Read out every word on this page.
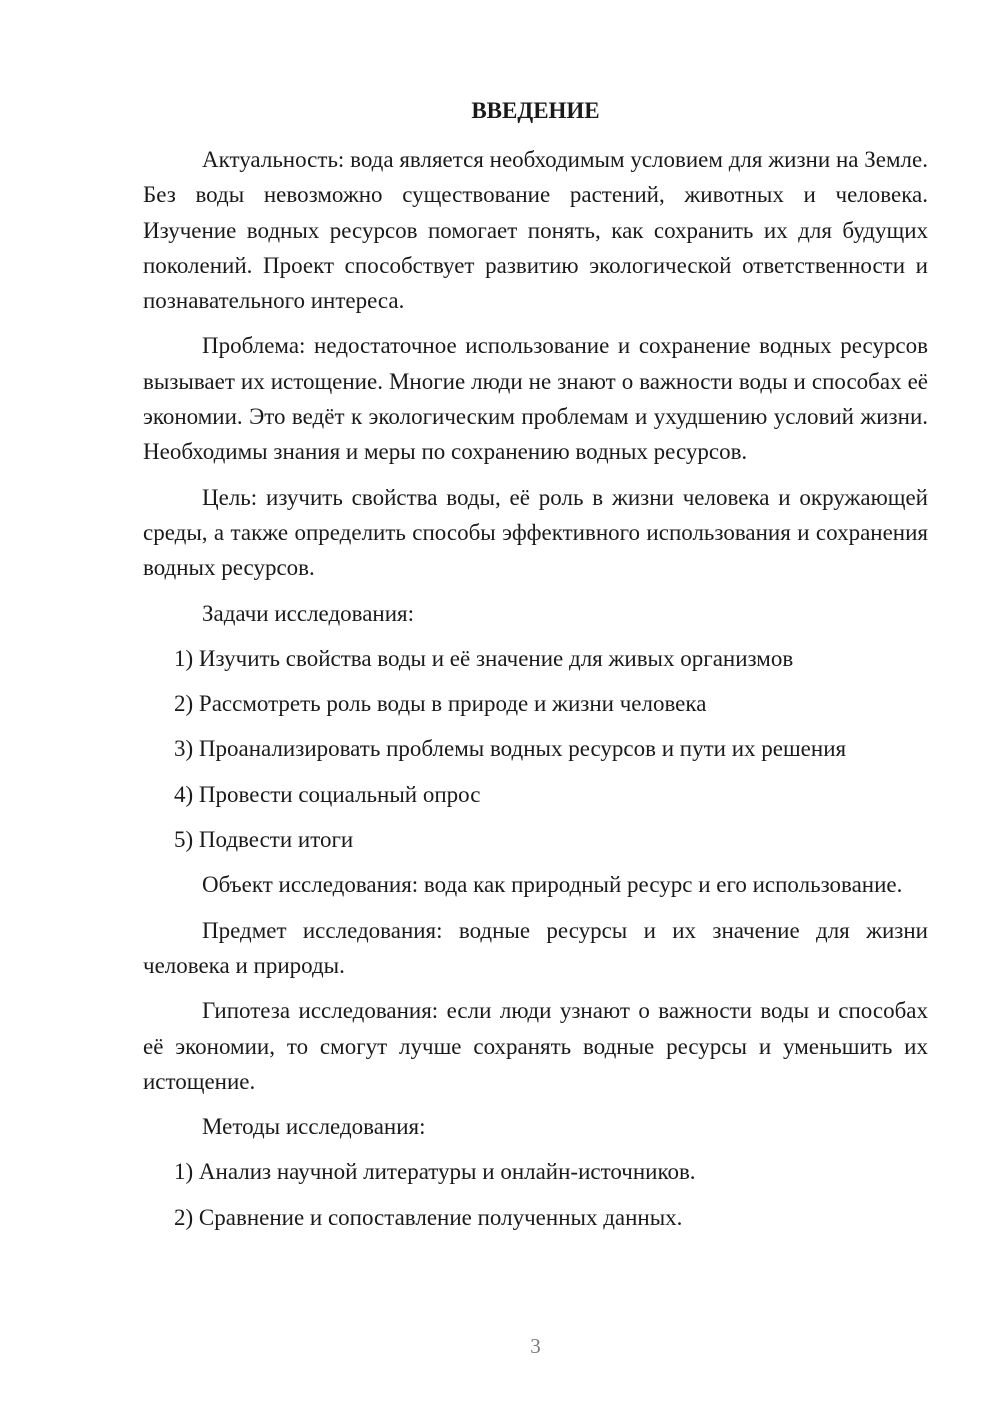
ВВЕДЕНИЕ

Актуальность: вода является необходимым условием для жизни на Земле. Без воды невозможно существование растений, животных и человека. Изучение водных ресурсов помогает понять, как сохранить их для будущих поколений. Проект способствует развитию экологической ответственности и познавательного интереса.

Проблема: недостаточное использование и сохранение водных ресурсов вызывает их истощение. Многие люди не знают о важности воды и способах её экономии. Это ведёт к экологическим проблемам и ухудшению условий жизни. Необходимы знания и меры по сохранению водных ресурсов.

Цель: изучить свойства воды, её роль в жизни человека и окружающей среды, а также определить способы эффективного использования и сохранения водных ресурсов.

Задачи исследования:

1) Изучить свойства воды и её значение для живых организмов
2) Рассмотреть роль воды в природе и жизни человека
3) Проанализировать проблемы водных ресурсов и пути их решения
4) Провести социальный опрос
5) Подвести итоги

Объект исследования: вода как природный ресурс и его использование.

Предмет исследования: водные ресурсы и их значение для жизни человека и природы.

Гипотеза исследования: если люди узнают о важности воды и способах её экономии, то смогут лучше сохранять водные ресурсы и уменьшить их истощение.

Методы исследования:

1) Анализ научной литературы и онлайн-источников.
2) Сравнение и сопоставление полученных данных.
3
